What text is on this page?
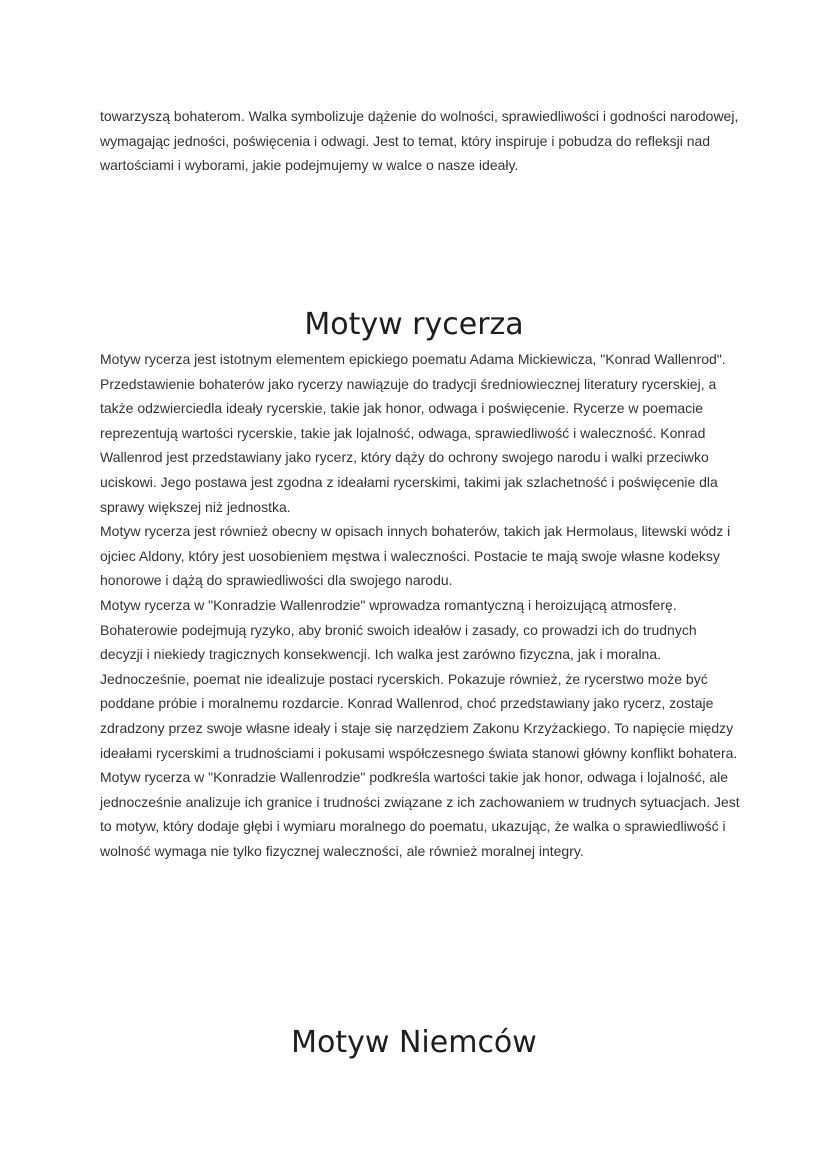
towarzyszą bohaterom. Walka symbolizuje dążenie do wolności, sprawiedliwości i godności narodowej, wymagając jedności, poświęcenia i odwagi. Jest to temat, który inspiruje i pobudza do refleksji nad wartościami i wyborami, jakie podejmujemy w walce o nasze ideały.

Motyw rycerza

Motyw rycerza jest istotnym elementem epickiego poematu Adama Mickiewicza, "Konrad Wallenrod". Przedstawienie bohaterów jako rycerzy nawiązuje do tradycji średniowiecznej literatury rycerskiej, a także odzwierciedla ideały rycerskie, takie jak honor, odwaga i poświęcenie. Rycerze w poemacie reprezentują wartości rycerskie, takie jak lojalność, odwaga, sprawiedliwość i waleczność. Konrad Wallenrod jest przedstawiany jako rycerz, który dąży do ochrony swojego narodu i walki przeciwko uciskowi. Jego postawa jest zgodna z ideałami rycerskimi, takimi jak szlachetność i poświęcenie dla sprawy większej niż jednostka.

Motyw rycerza jest również obecny w opisach innych bohaterów, takich jak Hermolaus, litewski wódz i ojciec Aldony, który jest uosobieniem męstwa i waleczności. Postacie te mają swoje własne kodeksy honorowe i dążą do sprawiedliwości dla swojego narodu.

Motyw rycerza w "Konradzie Wallenrodzie" wprowadza romantyczną i heroizującą atmosferę. Bohaterowie podejmują ryzyko, aby bronić swoich ideałów i zasady, co prowadzi ich do trudnych decyzji i niekiedy tragicznych konsekwencji. Ich walka jest zarówno fizyczna, jak i moralna. Jednocześnie, poemat nie idealizuje postaci rycerskich. Pokazuje również, że rycerstwo może być poddane próbie i moralnemu rozdarcie. Konrad Wallenrod, choć przedstawiany jako rycerz, zostaje zdradzony przez swoje własne ideały i staje się narzędziem Zakonu Krzyżackiego. To napięcie między ideałami rycerskimi a trudnościami i pokusami współczesnego świata stanowi główny konflikt bohatera.

Motyw rycerza w "Konradzie Wallenrodzie" podkreśla wartości takie jak honor, odwaga i lojalność, ale jednocześnie analizuje ich granice i trudności związane z ich zachowaniem w trudnych sytuacjach. Jest to motyw, który dodaje głębi i wymiaru moralnego do poematu, ukazując, że walka o sprawiedliwość i wolność wymaga nie tylko fizycznej waleczności, ale również moralnej integry.

Motyw Niemców
